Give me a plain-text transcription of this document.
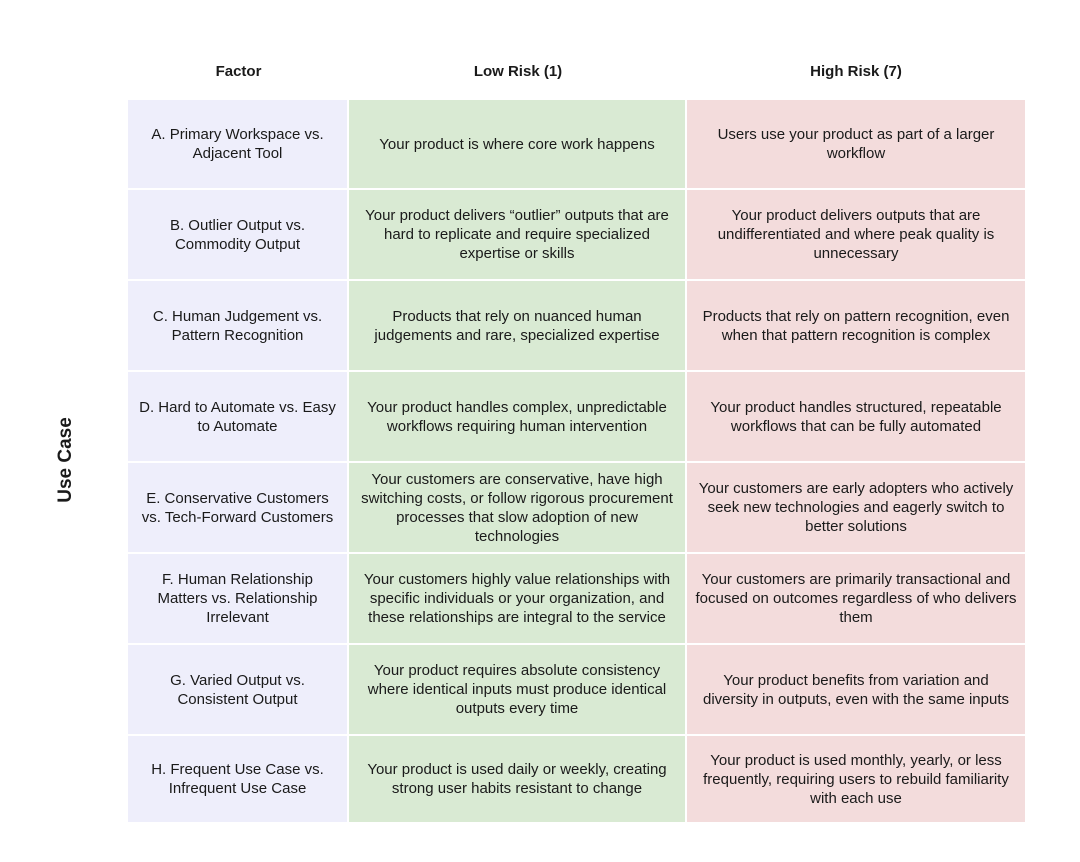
Use Case
Factor	Low Risk (1)	High Risk (7)
A. Primary Workspace vs. Adjacent Tool
Your product is where core work happens
Users use your product as part of a larger workflow
B. Outlier Output vs. Commodity Output
Your product delivers “outlier” outputs that are hard to replicate and require specialized expertise or skills
Your product delivers outputs that are undifferentiated and where peak quality is unnecessary
C. Human Judgement vs. Pattern Recognition
Products that rely on nuanced human judgements and rare, specialized expertise
Products that rely on pattern recognition, even when that pattern recognition is complex
D. Hard to Automate vs. Easy to Automate
Your product handles complex, unpredictable workflows requiring human intervention
Your product handles structured, repeatable workflows that can be fully automated
E. Conservative Customers vs. Tech-Forward Customers
Your customers are conservative, have high switching costs, or follow rigorous procurement processes that slow adoption of new technologies
Your customers are early adopters who actively seek new technologies and eagerly switch to better solutions
F. Human Relationship Matters vs. Relationship Irrelevant
Your customers highly value relationships with specific individuals or your organization, and these relationships are integral to the service
Your customers are primarily transactional and focused on outcomes regardless of who delivers them
G. Varied Output vs. Consistent Output
Your product requires absolute consistency where identical inputs must produce identical outputs every time
Your product benefits from variation and diversity in outputs, even with the same inputs
H. Frequent Use Case vs. Infrequent Use Case
Your product is used daily or weekly, creating strong user habits resistant to change
Your product is used monthly, yearly, or less frequently, requiring users to rebuild familiarity with each use
